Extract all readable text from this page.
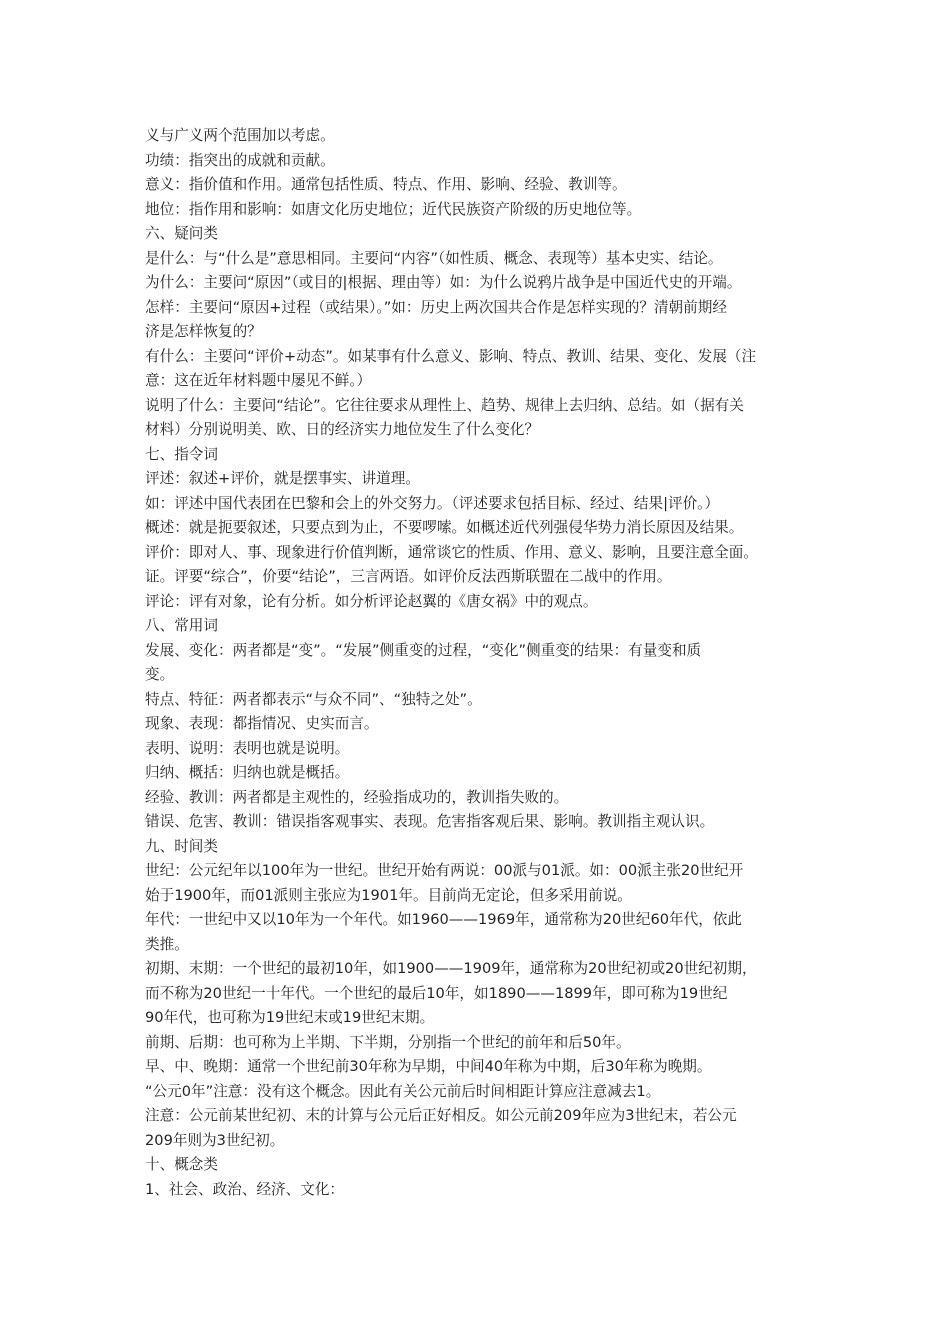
义与广义两个范围加以考虑。
功绩：指突出的成就和贡献。
意义：指价值和作用。通常包括性质、特点、作用、影响、经验、教训等。
地位：指作用和影响：如唐文化历史地位；近代民族资产阶级的历史地位等。
六、疑问类
是什么：与“什么是”意思相同。主要问“内容”（如性质、概念、表现等）基本史实、结论。
为什么：主要问“原因”（或目的|根据、理由等）如：为什么说鸦片战争是中国近代史的开端。
怎样：主要问“原因+过程（或结果）。”如：历史上两次国共合作是怎样实现的？清朝前期经
济是怎样恢复的？
有什么：主要问“评价+动态”。如某事有什么意义、影响、特点、教训、结果、变化、发展（注
意：这在近年材料题中屡见不鲜。）
说明了什么：主要问“结论”。它往往要求从理性上、趋势、规律上去归纳、总结。如（据有关
材料）分别说明美、欧、日的经济实力地位发生了什么变化？
七、指令词
评述：叙述+评价，就是摆事实、讲道理。
如：评述中国代表团在巴黎和会上的外交努力。（评述要求包括目标、经过、结果|评价。）
概述：就是扼要叙述，只要点到为止，不要啰嗦。如概述近代列强侵华势力消长原因及结果。
评价：即对人、事、现象进行价值判断，通常谈它的性质、作用、意义、影响，且要注意全面。
证。评要“综合”，价要“结论”，三言两语。如评价反法西斯联盟在二战中的作用。
评论：评有对象，论有分析。如分析评论赵翼的《唐女祸》中的观点。
八、常用词
发展、变化：两者都是“变”。“发展”侧重变的过程，“变化”侧重变的结果：有量变和质
变。
特点、特征：两者都表示“与众不同”、“独特之处”。
现象、表现：都指情况、史实而言。
表明、说明：表明也就是说明。
归纳、概括：归纳也就是概括。
经验、教训：两者都是主观性的，经验指成功的，教训指失败的。
错误、危害、教训：错误指客观事实、表现。危害指客观后果、影响。教训指主观认识。
九、时间类
世纪：公元纪年以100年为一世纪。世纪开始有两说：00派与01派。如：00派主张20世纪开
始于1900年，而01派则主张应为1901年。目前尚无定论，但多采用前说。
年代：一世纪中又以10年为一个年代。如1960——1969年，通常称为20世纪60年代，依此
类推。
初期、末期：一个世纪的最初10年，如1900——1909年，通常称为20世纪初或20世纪初期，
而不称为20世纪一十年代。一个世纪的最后10年，如1890——1899年，即可称为19世纪
90年代，也可称为19世纪末或19世纪末期。
前期、后期：也可称为上半期、下半期，分别指一个世纪的前年和后50年。
早、中、晚期：通常一个世纪前30年称为早期，中间40年称为中期，后30年称为晚期。
“公元0年”注意：没有这个概念。因此有关公元前后时间相距计算应注意减去1。
注意：公元前某世纪初、末的计算与公元后正好相反。如公元前209年应为3世纪末，若公元
209年则为3世纪初。
十、概念类
1、社会、政治、经济、文化：
